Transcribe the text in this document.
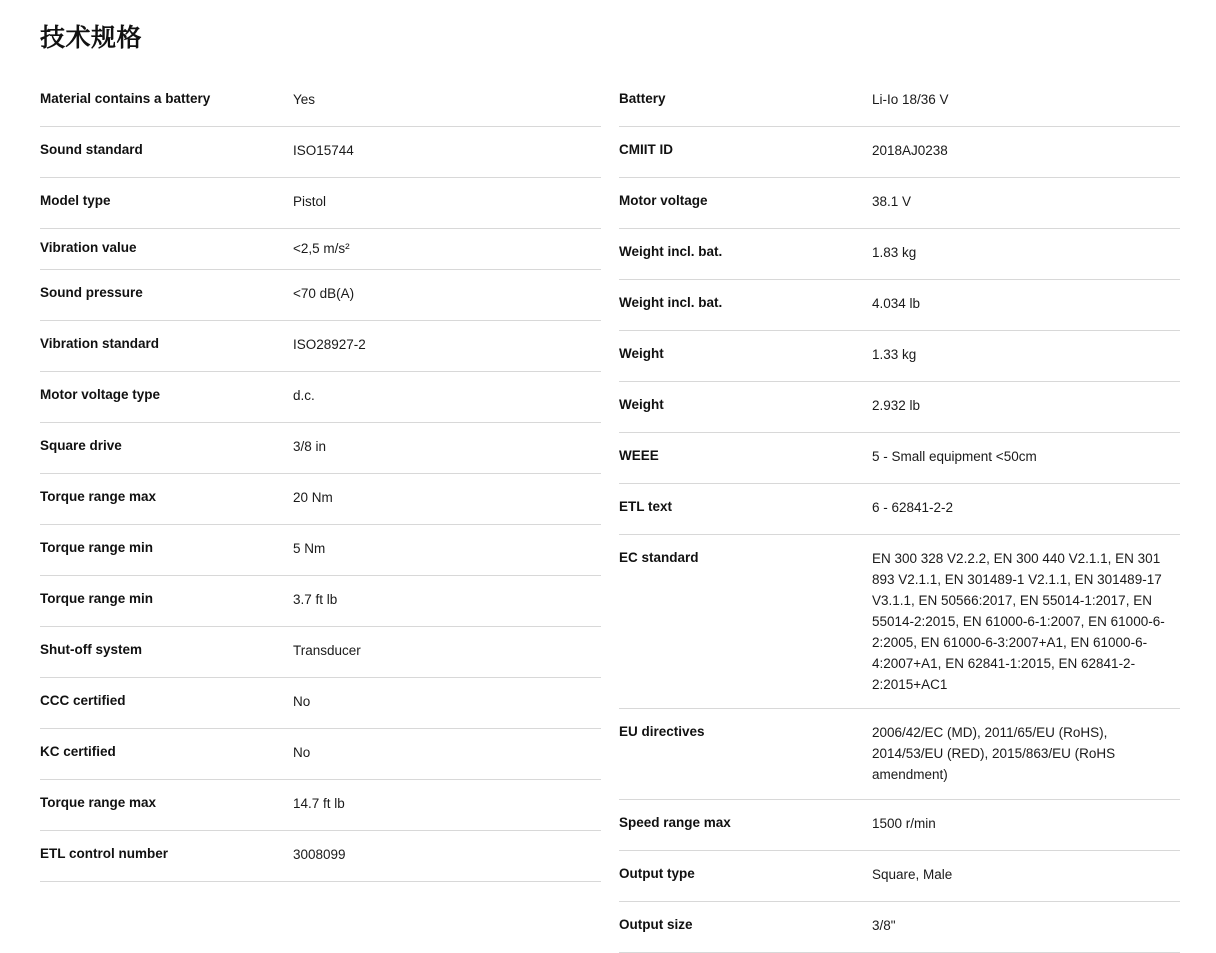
技术规格
Material contains a battery	Yes
Sound standard	ISO15744
Model type	Pistol
Vibration value	<2,5 m/s²
Sound pressure	<70 dB(A)
Vibration standard	ISO28927-2
Motor voltage type	d.c.
Square drive	3/8 in
Torque range max	20 Nm
Torque range min	5 Nm
Torque range min	3.7 ft lb
Shut-off system	Transducer
CCC certified	No
KC certified	No
Torque range max	14.7 ft lb
ETL control number	3008099
Battery	Li-Io 18/36 V
CMIIT ID	2018AJ0238
Motor voltage	38.1 V
Weight incl. bat.	1.83 kg
Weight incl. bat.	4.034 lb
Weight	1.33 kg
Weight	2.932 lb
WEEE	5 - Small equipment <50cm
ETL text	6 - 62841-2-2
EC standard	EN 300 328 V2.2.2, EN 300 440 V2.1.1, EN 301 893 V2.1.1, EN 301489-1 V2.1.1, EN 301489-17 V3.1.1, EN 50566:2017, EN 55014-1:2017, EN 55014-2:2015, EN 61000-6-1:2007, EN 61000-6-2:2005, EN 61000-6-3:2007+A1, EN 61000-6-4:2007+A1, EN 62841-1:2015, EN 62841-2-2:2015+AC1
EU directives	2006/42/EC (MD), 2011/65/EU (RoHS), 2014/53/EU (RED), 2015/863/EU (RoHS amendment)
Speed range max	1500 r/min
Output type	Square, Male
Output size	3/8"
